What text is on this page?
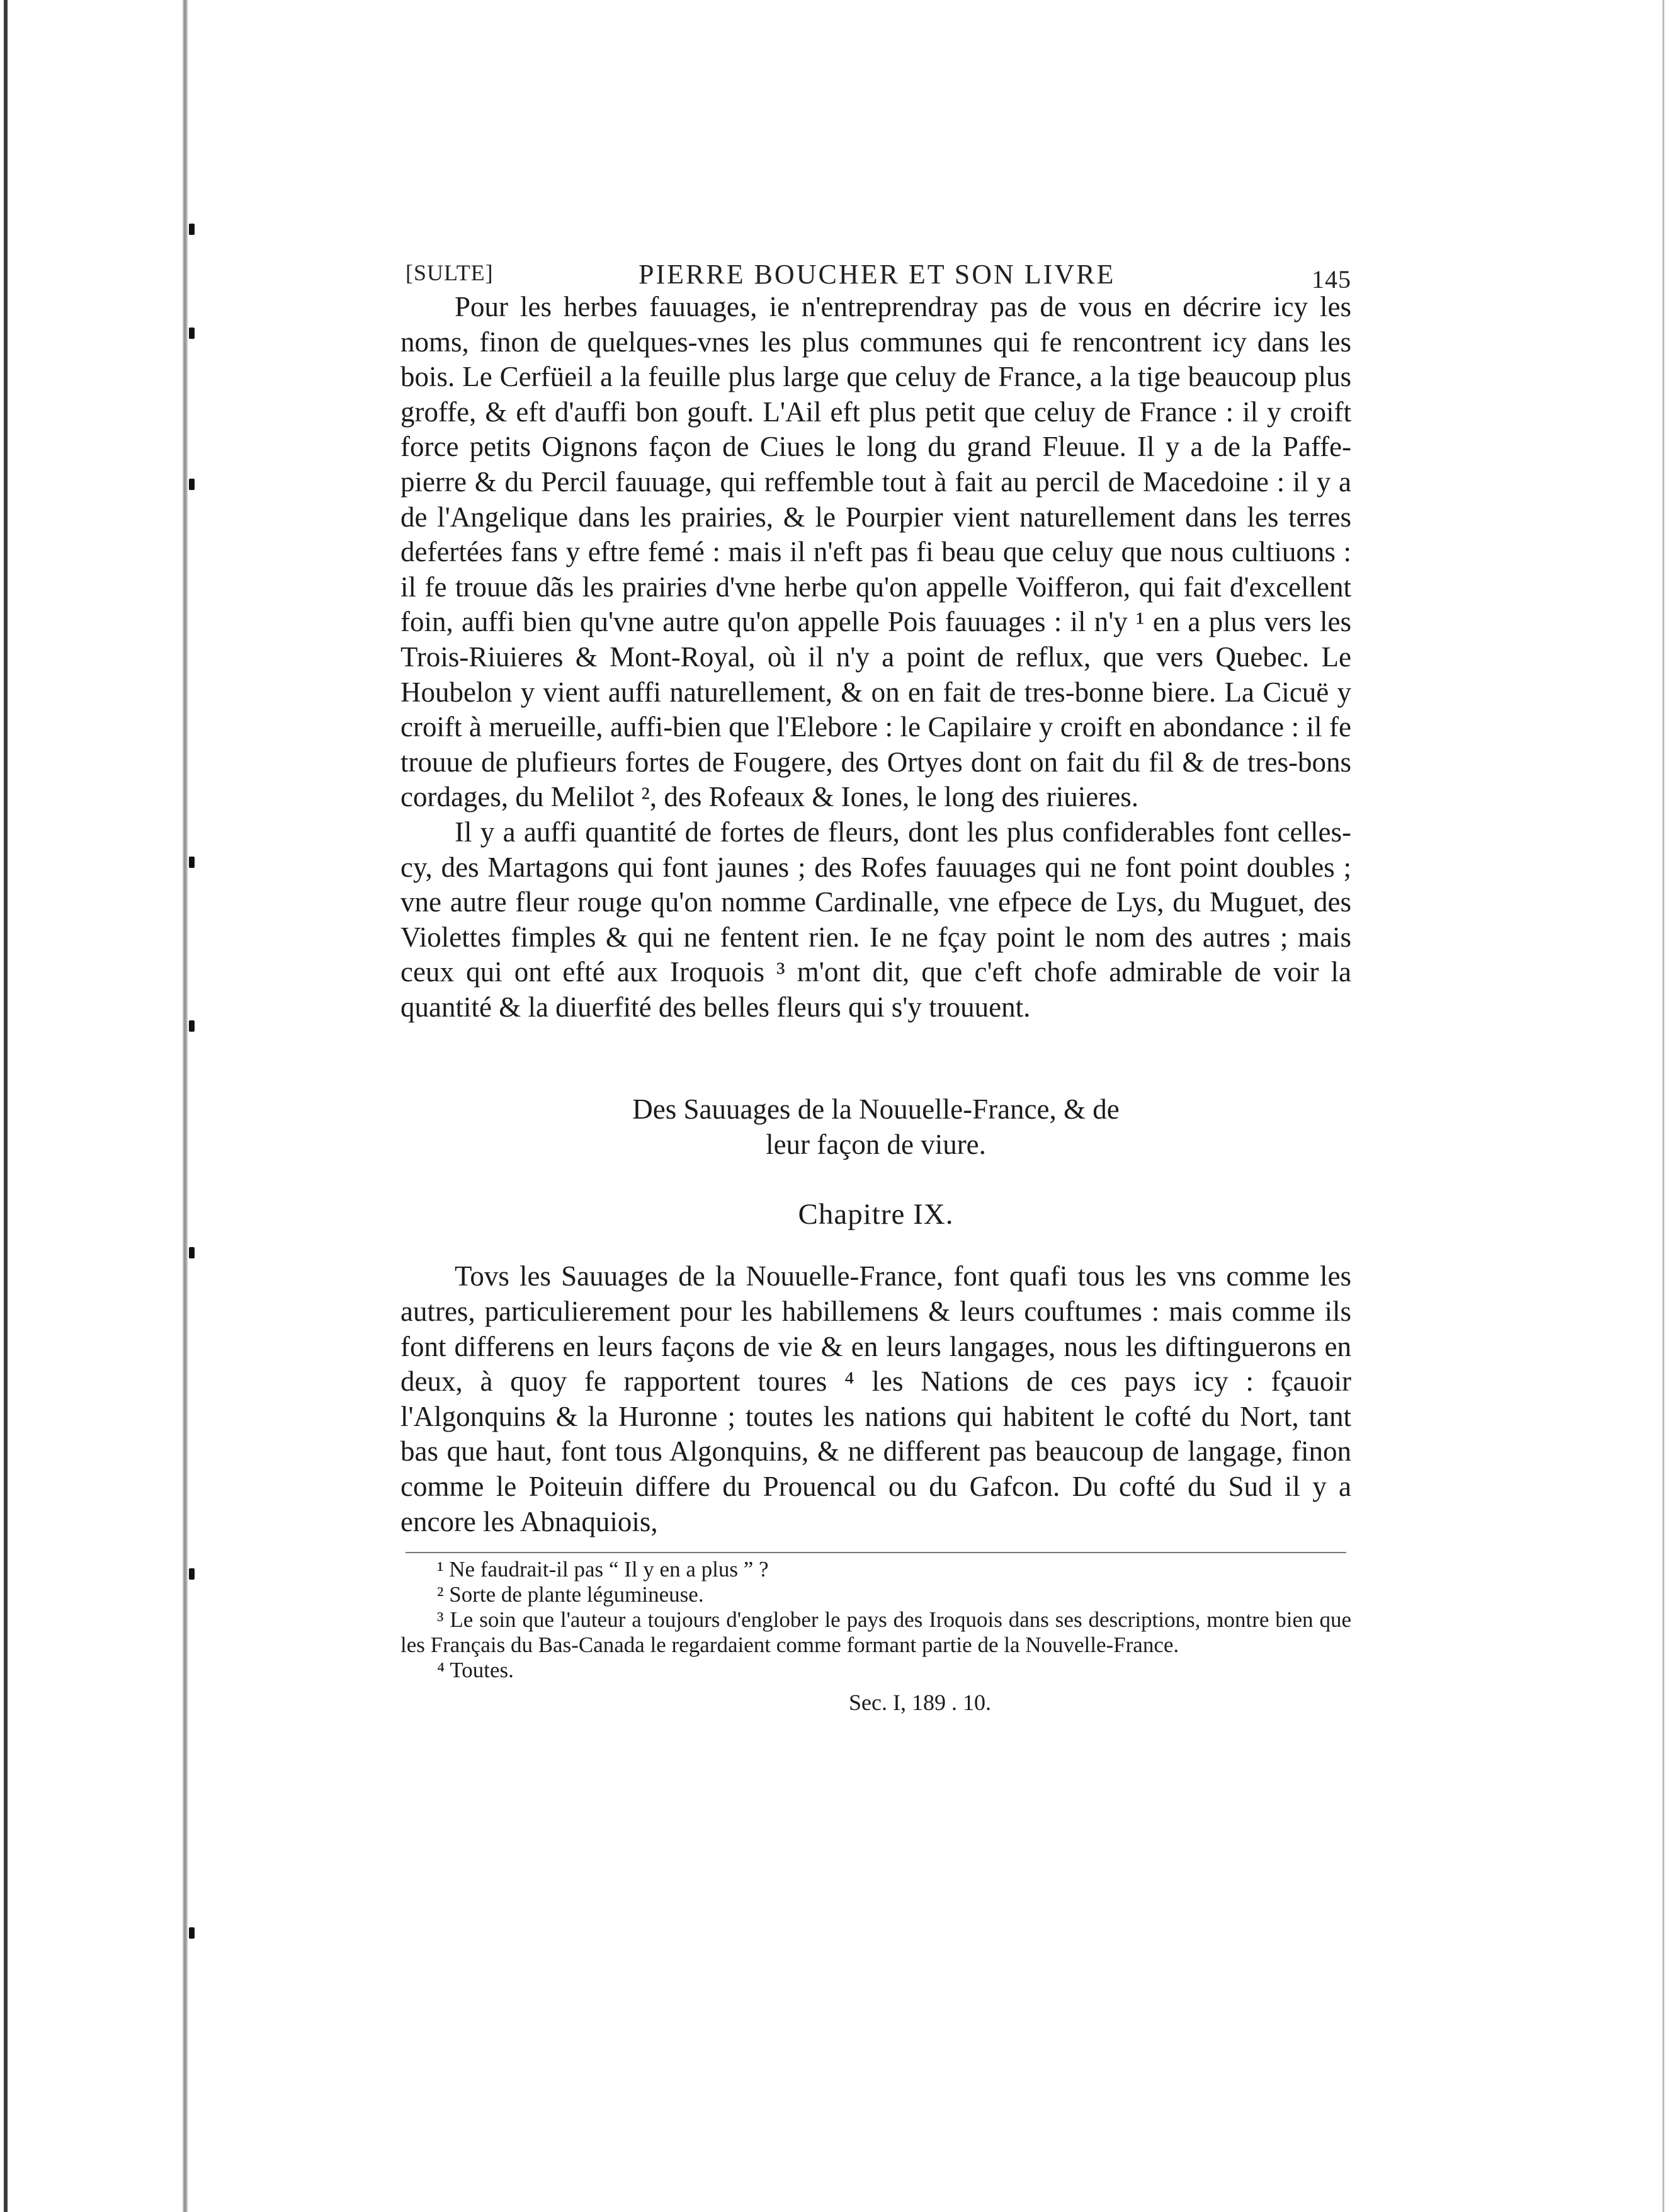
[SULTE]	PIERRE BOUCHER ET SON LIVRE	145

Pour les herbes fauuages, ie n'entreprendray pas de vous en décrire icy les noms, finon de quelques-vnes les plus communes qui fe rencontrent icy dans les bois. Le Cerfüeil a la feuille plus large que celuy de France, a la tige beaucoup plus groffe, & eft d'auffi bon gouft. L'Ail eft plus petit que celuy de France : il y croift force petits Oignons façon de Ciues le long du grand Fleuue. Il y a de la Paffe-pierre & du Percil fauuage, qui reffemble tout à fait au percil de Macedoine : il y a de l'Angelique dans les prairies, & le Pourpier vient naturellement dans les terres defertées fans y eftre femé : mais il n'eft pas fi beau que celuy que nous cultiuons : il fe trouue dãs les prairies d'vne herbe qu'on appelle Voifferon, qui fait d'excellent foin, auffi bien qu'vne autre qu'on appelle Pois fauuages : il n'y ¹ en a plus vers les Trois-Riuieres & Mont-Royal, où il n'y a point de reflux, que vers Quebec. Le Houbelon y vient auffi naturellement, & on en fait de tres-bonne biere. La Cicuë y croift à merueille, auffi-bien que l'Elebore : le Capilaire y croift en abondance : il fe trouue de plufieurs fortes de Fougere, des Ortyes dont on fait du fil & de tres-bons cordages, du Melilot ², des Rofeaux & Iones, le long des riuieres.

Il y a auffi quantité de fortes de fleurs, dont les plus confiderables font celles-cy, des Martagons qui font jaunes ; des Rofes fauuages qui ne font point doubles ; vne autre fleur rouge qu'on nomme Cardinalle, vne efpece de Lys, du Muguet, des Violettes fimples & qui ne fentent rien. Ie ne fçay point le nom des autres ; mais ceux qui ont efté aux Iroquois ³ m'ont dit, que c'eft chofe admirable de voir la quantité & la diuerfité des belles fleurs qui s'y trouuent.

Des Sauuages de la Nouuelle-France, & de

leur façon de viure.

Chapitre IX.

Tovs les Sauuages de la Nouuelle-France, font quafi tous les vns comme les autres, particulierement pour les habillemens & leurs couftumes : mais comme ils font differens en leurs façons de vie & en leurs langages, nous les diftinguerons en deux, à quoy fe rapportent toures ⁴ les Nations de ces pays icy : fçauoir l'Algonquins & la Huronne ; toutes les nations qui habitent le cofté du Nort, tant bas que haut, font tous Algonquins, & ne different pas beaucoup de langage, finon comme le Poiteuin differe du Prouencal ou du Gafcon. Du cofté du Sud il y a encore les Abnaquiois,

¹ Ne faudrait-il pas “ Il y en a plus ” ?

² Sorte de plante légumineuse.

³ Le soin que l'auteur a toujours d'englober le pays des Iroquois dans ses descriptions, montre bien que les Français du Bas-Canada le regardaient comme formant partie de la Nouvelle-France.

⁴ Toutes.

Sec. I, 189 . 10.
